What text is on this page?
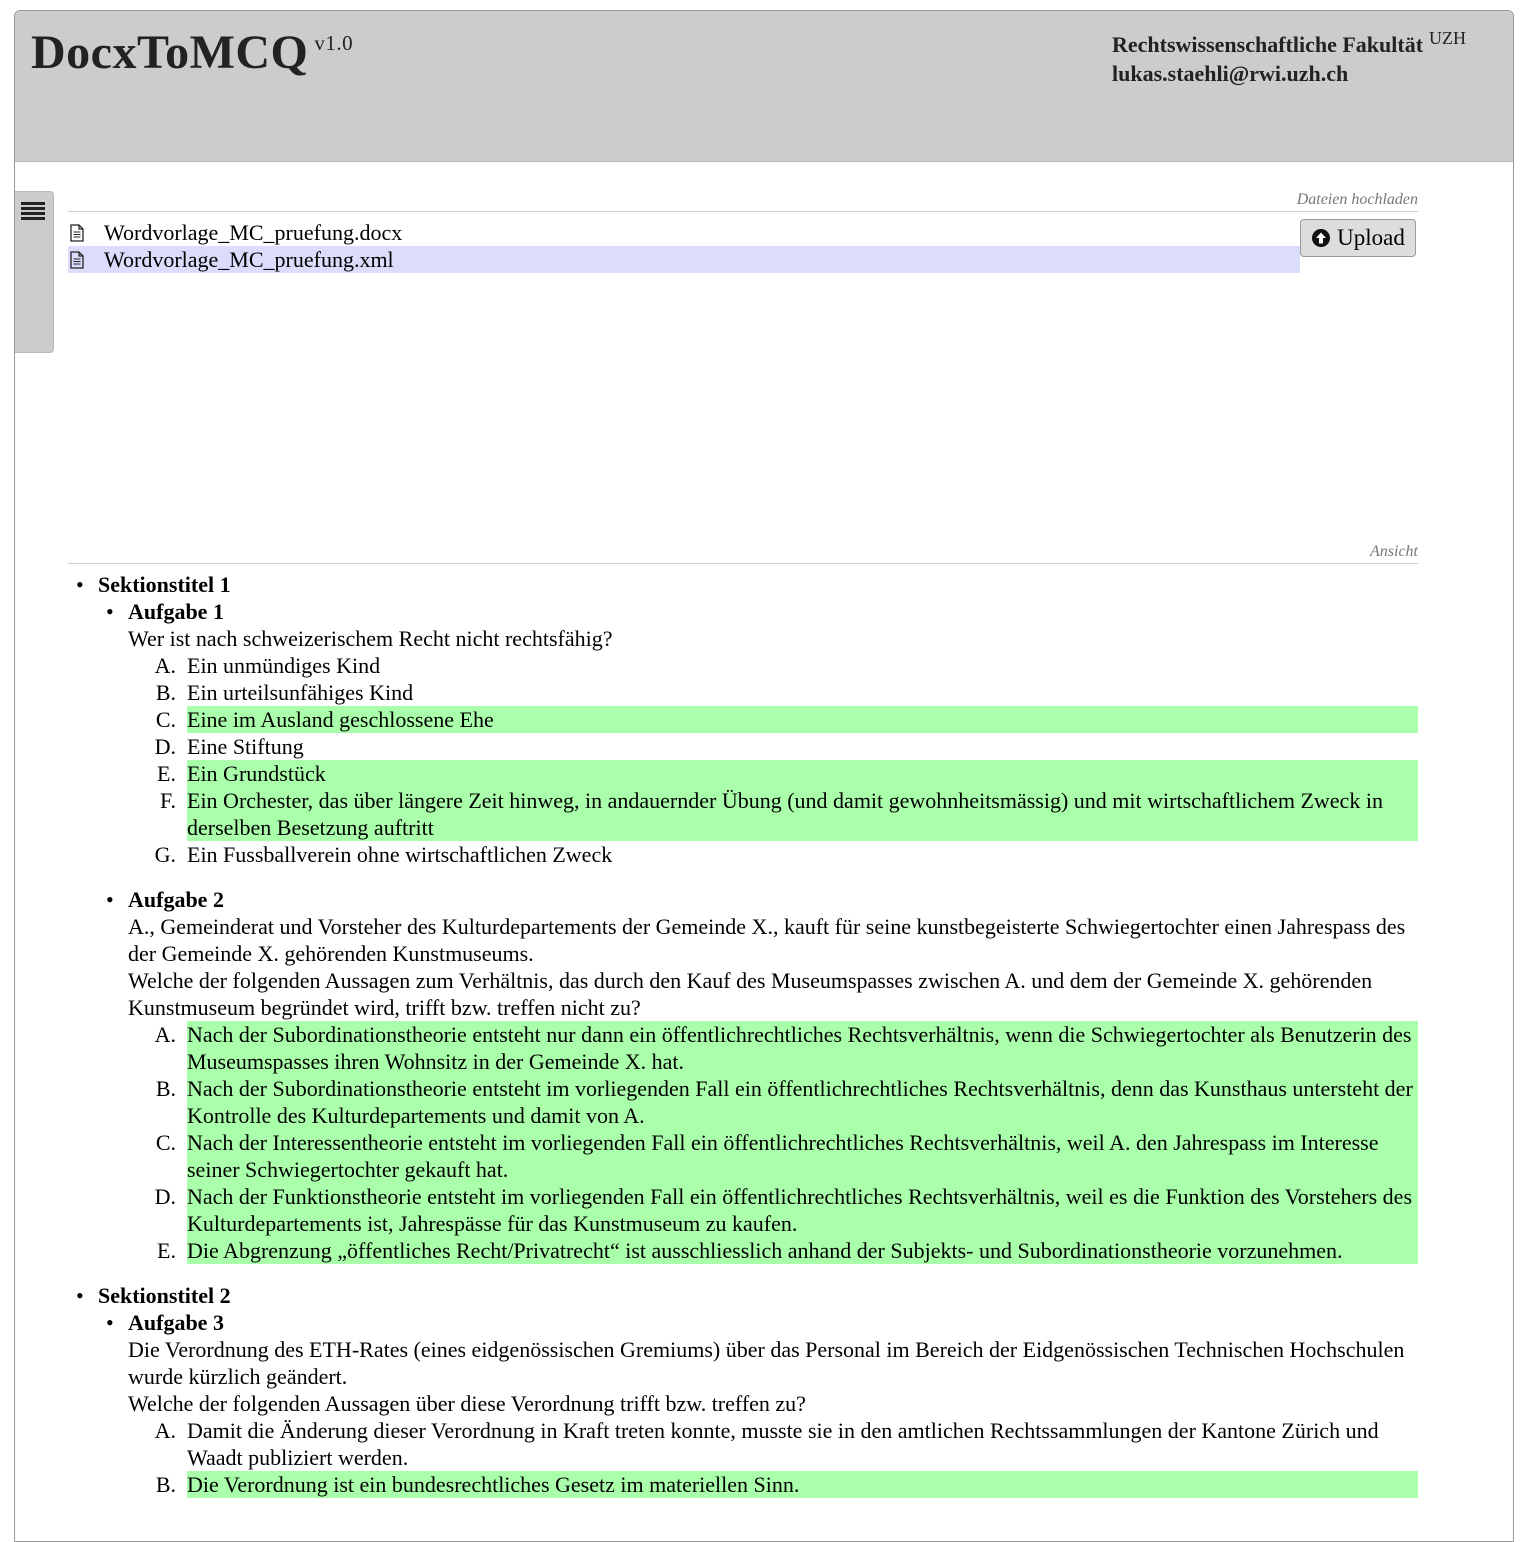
DocxToMCQ $^{v1.0}$	Rechtswissenschaftliche Fakultät $^{UZH}$
lukas.staehli@rwi.uzh.ch
Dateien hochladen
Wordvorlage_MC_pruefung.docx
Wordvorlage_MC_pruefung.xml
Upload
Ansicht
• Sektionstitel 1
• Aufgabe 1
Wer ist nach schweizerischem Recht nicht rechtsfähig?
A. Ein unmündiges Kind
B. Ein urteilsunfähiges Kind
C. Eine im Ausland geschlossene Ehe
D. Eine Stiftung
E. Ein Grundstück
F. Ein Orchester, das über längere Zeit hinweg, in andauernder Übung (und damit gewohnheitsmässig) und mit wirtschaftlichem Zweck in derselben Besetzung auftritt
G. Ein Fussballverein ohne wirtschaftlichen Zweck
• Aufgabe 2
A., Gemeinderat und Vorsteher des Kulturdepartements der Gemeinde X., kauft für seine kunstbegeisterte Schwiegertochter einen Jahrespass des der Gemeinde X. gehörenden Kunstmuseums.
Welche der folgenden Aussagen zum Verhältnis, das durch den Kauf des Museumspasses zwischen A. und dem der Gemeinde X. gehörenden Kunstmuseum begründet wird, trifft bzw. treffen nicht zu?
A. Nach der Subordinationstheorie entsteht nur dann ein öffentlichrechtliches Rechtsverhältnis, wenn die Schwiegertochter als Benutzerin des Museumspasses ihren Wohnsitz in der Gemeinde X. hat.
B. Nach der Subordinationstheorie entsteht im vorliegenden Fall ein öffentlichrechtliches Rechtsverhältnis, denn das Kunsthaus untersteht der Kontrolle des Kulturdepartements und damit von A.
C. Nach der Interessentheorie entsteht im vorliegenden Fall ein öffentlichrechtliches Rechtsverhältnis, weil A. den Jahrespass im Interesse seiner Schwiegertochter gekauft hat.
D. Nach der Funktionstheorie entsteht im vorliegenden Fall ein öffentlichrechtliches Rechtsverhältnis, weil es die Funktion des Vorstehers des Kulturdepartements ist, Jahrespässe für das Kunstmuseum zu kaufen.
E. Die Abgrenzung „öffentliches Recht/Privatrecht“ ist ausschliesslich anhand der Subjekts- und Subordinationstheorie vorzunehmen.
• Sektionstitel 2
• Aufgabe 3
Die Verordnung des ETH-Rates (eines eidgenössischen Gremiums) über das Personal im Bereich der Eidgenössischen Technischen Hochschulen wurde kürzlich geändert.
Welche der folgenden Aussagen über diese Verordnung trifft bzw. treffen zu?
A. Damit die Änderung dieser Verordnung in Kraft treten konnte, musste sie in den amtlichen Rechtssammlungen der Kantone Zürich und Waadt publiziert werden.
B. Die Verordnung ist ein bundesrechtliches Gesetz im materiellen Sinn.
